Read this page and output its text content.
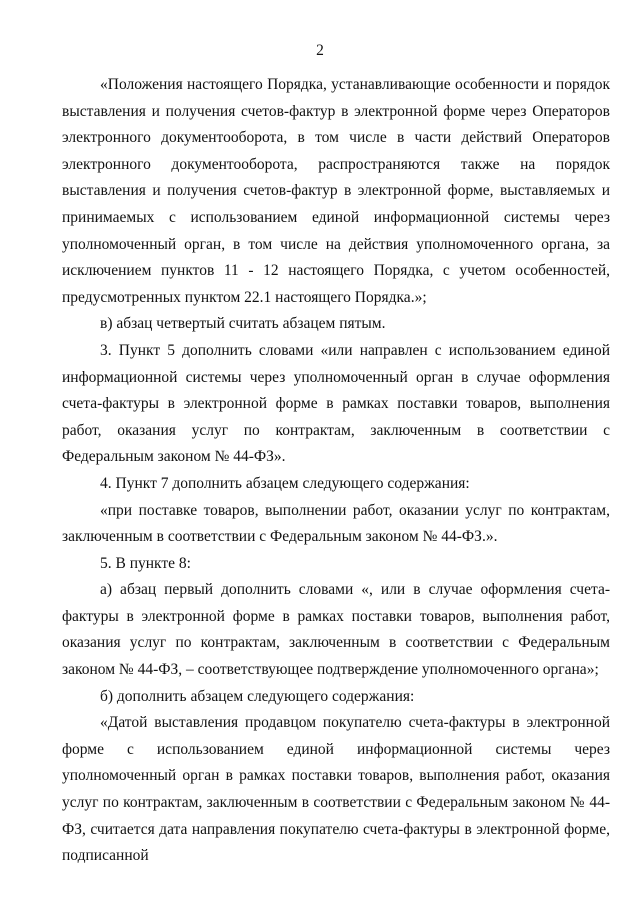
2

«Положения настоящего Порядка, устанавливающие особенности и порядок выставления и получения счетов-фактур в электронной форме через Операторов электронного документооборота, в том числе в части действий Операторов электронного документооборота, распространяются также на порядок выставления и получения счетов-фактур в электронной форме, выставляемых и принимаемых с использованием единой информационной системы через уполномоченный орган, в том числе на действия уполномоченного органа, за исключением пунктов 11 - 12 настоящего Порядка, с учетом особенностей, предусмотренных пунктом 22.1 настоящего Порядка.»;

в) абзац четвертый считать абзацем пятым.

3. Пункт 5 дополнить словами «или направлен с использованием единой информационной системы через уполномоченный орган в случае оформления счета-фактуры в электронной форме в рамках поставки товаров, выполнения работ, оказания услуг по контрактам, заключенным в соответствии с Федеральным законом № 44-ФЗ».

4. Пункт 7 дополнить абзацем следующего содержания:

«при поставке товаров, выполнении работ, оказании услуг по контрактам, заключенным в соответствии с Федеральным законом № 44-ФЗ.».

5. В пункте 8:

а) абзац первый дополнить словами «, или в случае оформления счета-фактуры в электронной форме в рамках поставки товаров, выполнения работ, оказания услуг по контрактам, заключенным в соответствии с Федеральным законом № 44-ФЗ, – соответствующее подтверждение уполномоченного органа»;

б) дополнить абзацем следующего содержания:

«Датой выставления продавцом покупателю счета-фактуры в электронной форме с использованием единой информационной системы через уполномоченный орган в рамках поставки товаров, выполнения работ, оказания услуг по контрактам, заключенным в соответствии с Федеральным законом № 44-ФЗ, считается дата направления покупателю счета-фактуры в электронной форме, подписанной
